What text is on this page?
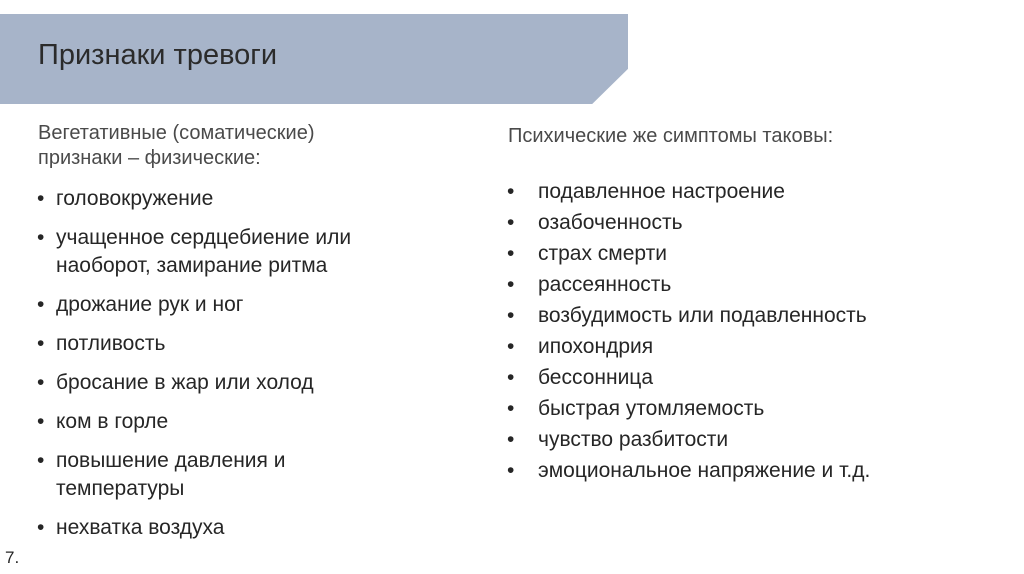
Признаки тревоги
Вегетативные (соматические)
признаки – физические:
• головокружение
• учащенное сердцебиение или
наоборот, замирание ритма
• дрожание рук и ног
• потливость
• бросание в жар или холод
• ком в горле
• повышение давления и
температуры
• нехватка воздуха
Психические же симптомы таковы:
• подавленное настроение
• озабоченность
• страх смерти
• рассеянность
• возбудимость или подавленность
• ипохондрия
• бессонница
• быстрая утомляемость
• чувство разбитости
• эмоциональное напряжение и т.д.
7.
